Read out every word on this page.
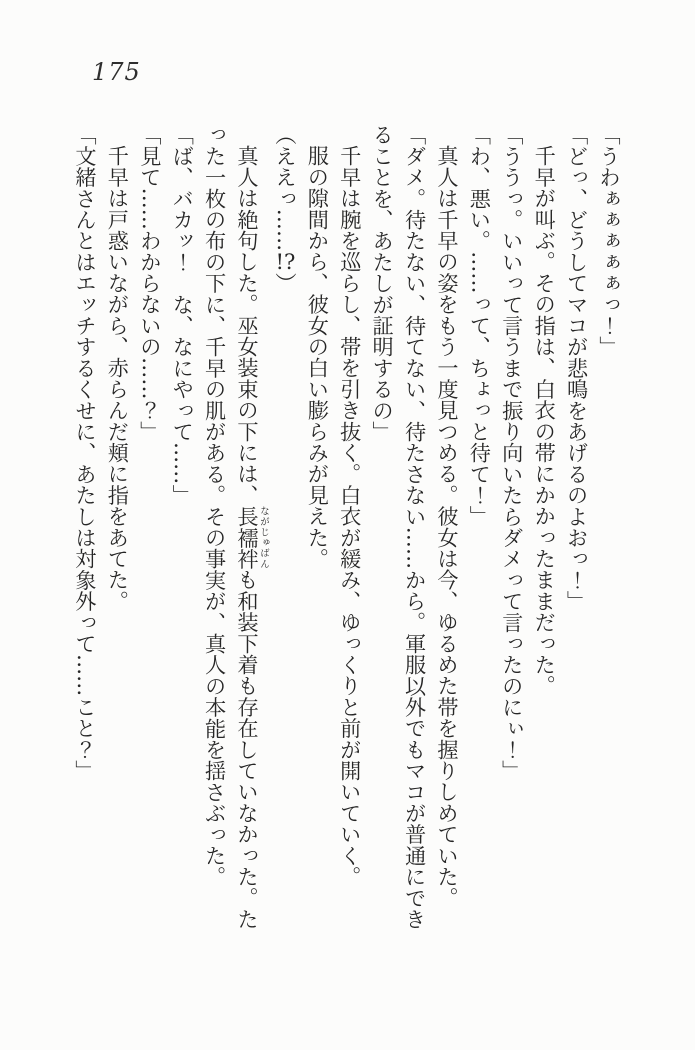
175

「うわぁぁぁぁぁっ！」

「どっ、どうしてマコが悲鳴をあげるのよおっ！」

千早が叫ぶ。その指は、白衣の帯にかかったままだった。

「ううっ。いいって言うまで振り向いたらダメって言ったのにぃ！」

「わ、悪い。……って、ちょっと待て！」

真人は千早の姿をもう一度見つめる。彼女は今、ゆるめた帯を握りしめていた。

「ダメ。待たない、待てない、待たさない……から。軍服以外でもマコが普通にできることを、あたしが証明するの」

千早は腕を巡らし、帯を引き抜く。白衣が緩み、ゆっくりと前が開いていく。

服の隙間から、彼女の白い膨らみが見えた。

（ええっ……!?）

真人は絶句した。巫女装束の下には、長襦袢ながじゅばんも和装下着も存在していなかった。たった一枚の布の下に、千早の肌がある。その事実が、真人の本能を揺さぶった。

「ば、バカッ！　な、なにやって……」

「見て……わからないの……？」

千早は戸惑いながら、赤らんだ頬に指をあてた。

「文緒さんとはエッチするくせに、あたしは対象外って……こと？」
